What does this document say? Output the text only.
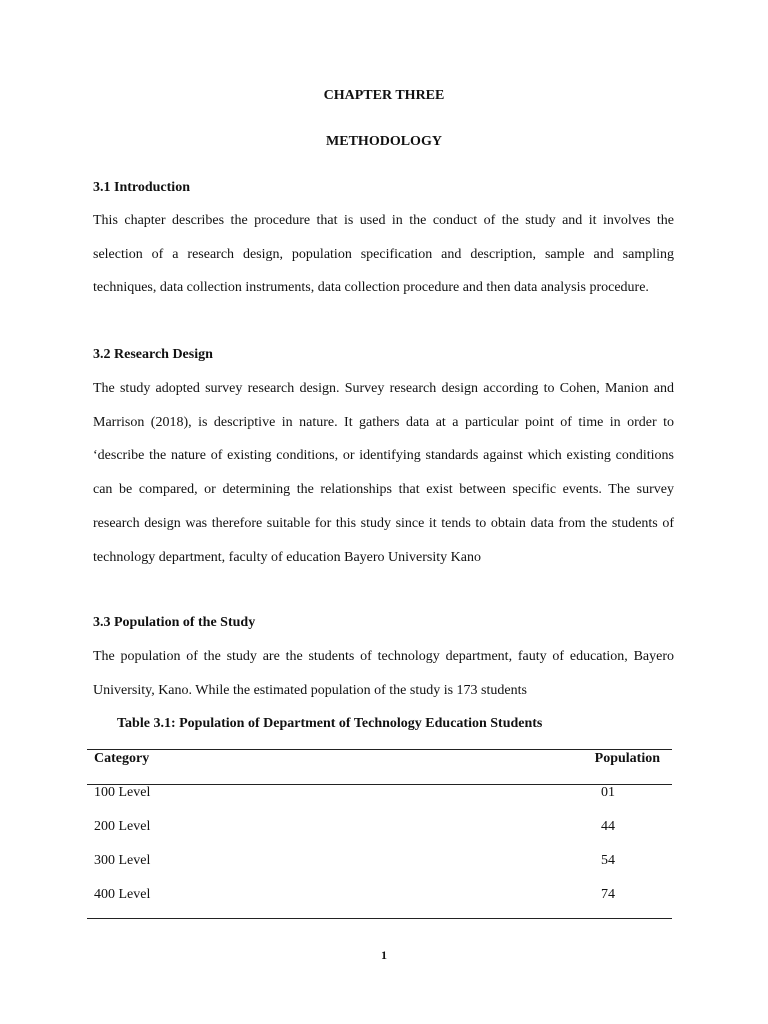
CHAPTER THREE

METHODOLOGY

3.1 Introduction

This chapter describes the procedure that is used in the conduct of the study and it involves the selection of a research design, population specification and description, sample and sampling techniques, data collection instruments, data collection procedure and then data analysis procedure.

3.2 Research Design

The study adopted survey research design. Survey research design according to Cohen, Manion and Marrison (2018), is descriptive in nature. It gathers data at a particular point of time in order to ‘describe the nature of existing conditions, or identifying standards against which existing conditions can be compared, or determining the relationships that exist between specific events. The survey research design was therefore suitable for this study since it tends to obtain data from the students of technology department, faculty of education Bayero University Kano

3.3 Population of the Study

The population of the study are the students of technology department, fauty of education, Bayero University, Kano. While the estimated population of the study is 173 students

Table 3.1: Population of Department of Technology Education Students

Category	Population

100 Level	01

200 Level	44

300 Level	54

400 Level	74

1
